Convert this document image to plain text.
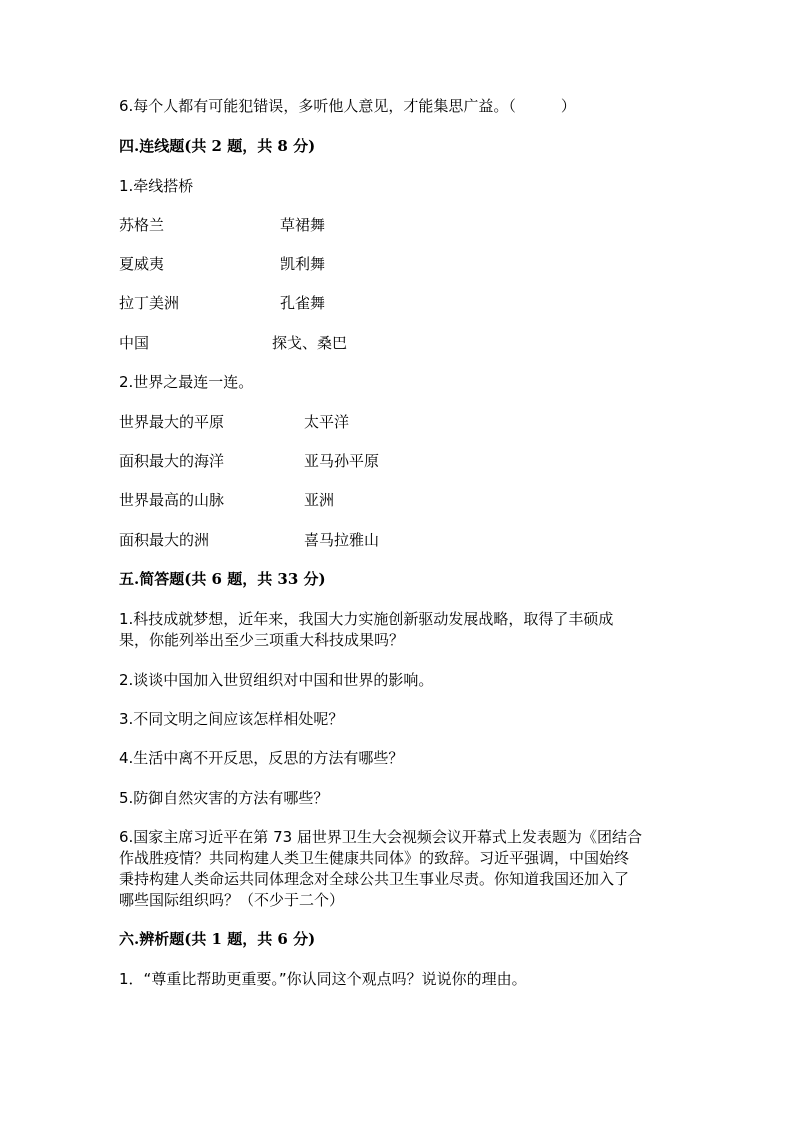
6.每个人都有可能犯错误，多听他人意见，才能集思广益。（　　　）
四.连线题(共 2 题，共 8 分)
1.牵线搭桥
苏格兰	草裙舞
夏威夷	凯利舞
拉丁美洲	孔雀舞
中国	探戈、桑巴
2.世界之最连一连。
世界最大的平原	太平洋
面积最大的海洋	亚马孙平原
世界最高的山脉	亚洲
面积最大的洲	喜马拉雅山
五.简答题(共 6 题，共 33 分)
1.科技成就梦想，近年来，我国大力实施创新驱动发展战略，取得了丰硕成
果，你能列举出至少三项重大科技成果吗？
2.谈谈中国加入世贸组织对中国和世界的影响。
3.不同文明之间应该怎样相处呢？
4.生活中离不开反思，反思的方法有哪些？
5.防御自然灾害的方法有哪些？
6.国家主席习近平在第 73 届世界卫生大会视频会议开幕式上发表题为《团结合
作战胜疫情？共同构建人类卫生健康共同体》的致辞。习近平强调，中国始终
秉持构建人类命运共同体理念对全球公共卫生事业尽责。你知道我国还加入了
哪些国际组织吗？（不少于二个）
六.辨析题(共 1 题，共 6 分)
1．“尊重比帮助更重要。”你认同这个观点吗？说说你的理由。
